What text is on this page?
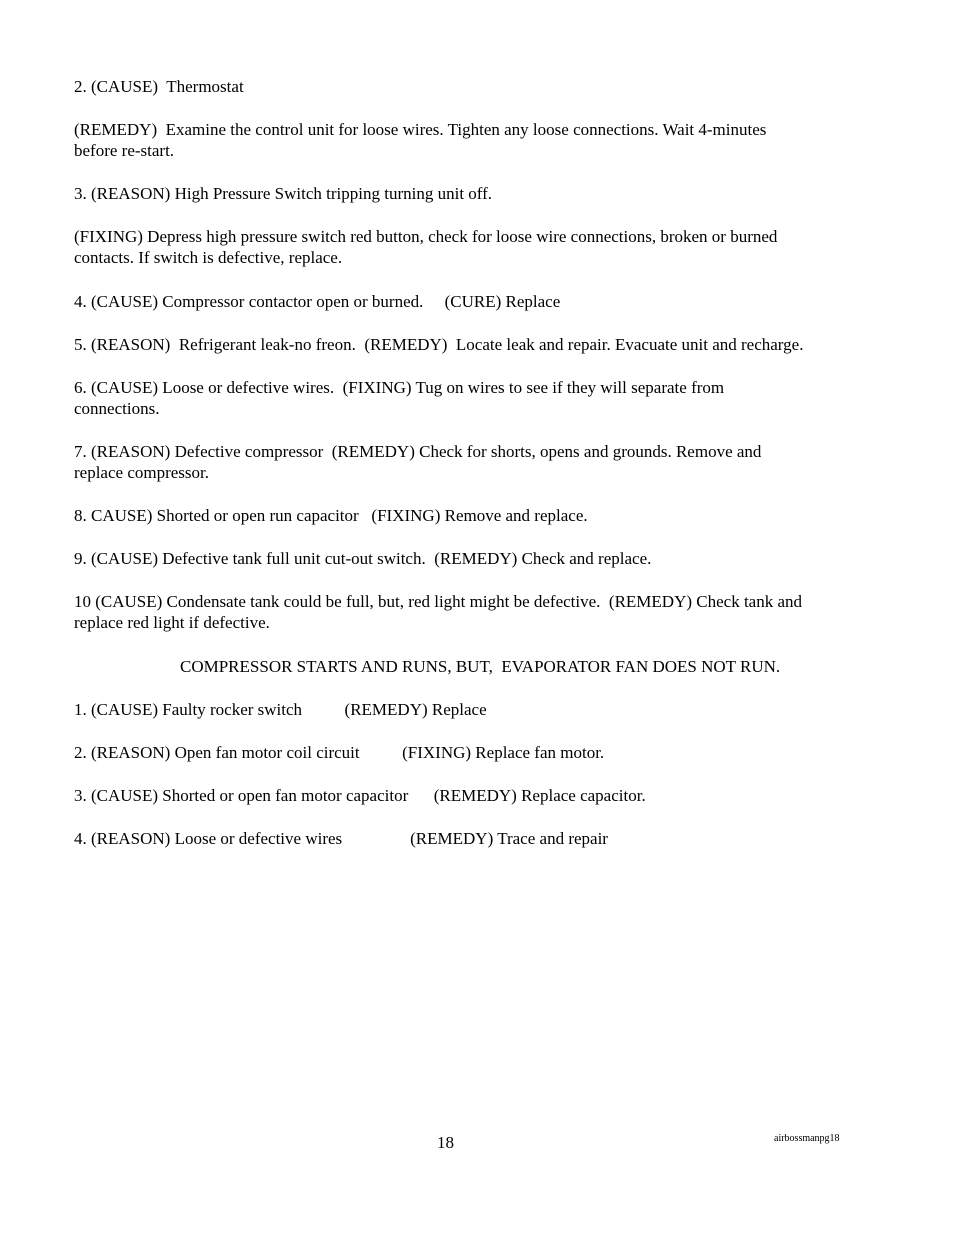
2. (CAUSE)  Thermostat

(REMEDY)  Examine the control unit for loose wires. Tighten any loose connections. Wait 4-minutes

before re-start.

3. (REASON) High Pressure Switch tripping turning unit off.

(FIXING) Depress high pressure switch red button, check for loose wire connections, broken or burned

contacts. If switch is defective, replace.

4. (CAUSE) Compressor contactor open or burned.     (CURE) Replace

5. (REASON)  Refrigerant leak-no freon.  (REMEDY)  Locate leak and repair. Evacuate unit and recharge.

6. (CAUSE) Loose or defective wires.  (FIXING) Tug on wires to see if they will separate from

connections.

7. (REASON) Defective compressor  (REMEDY) Check for shorts, opens and grounds. Remove and

replace compressor.

8. CAUSE) Shorted or open run capacitor   (FIXING) Remove and replace.

9. (CAUSE) Defective tank full unit cut-out switch.  (REMEDY) Check and replace.

10 (CAUSE) Condensate tank could be full, but, red light might be defective.  (REMEDY) Check tank and

replace red light if defective.

COMPRESSOR STARTS AND RUNS, BUT,  EVAPORATOR FAN DOES NOT RUN.

1. (CAUSE) Faulty rocker switch          (REMEDY) Replace

2. (REASON) Open fan motor coil circuit          (FIXING) Replace fan motor.

3. (CAUSE) Shorted or open fan motor capacitor      (REMEDY) Replace capacitor.

4. (REASON) Loose or defective wires                (REMEDY) Trace and repair

18	airbossmanpg18
